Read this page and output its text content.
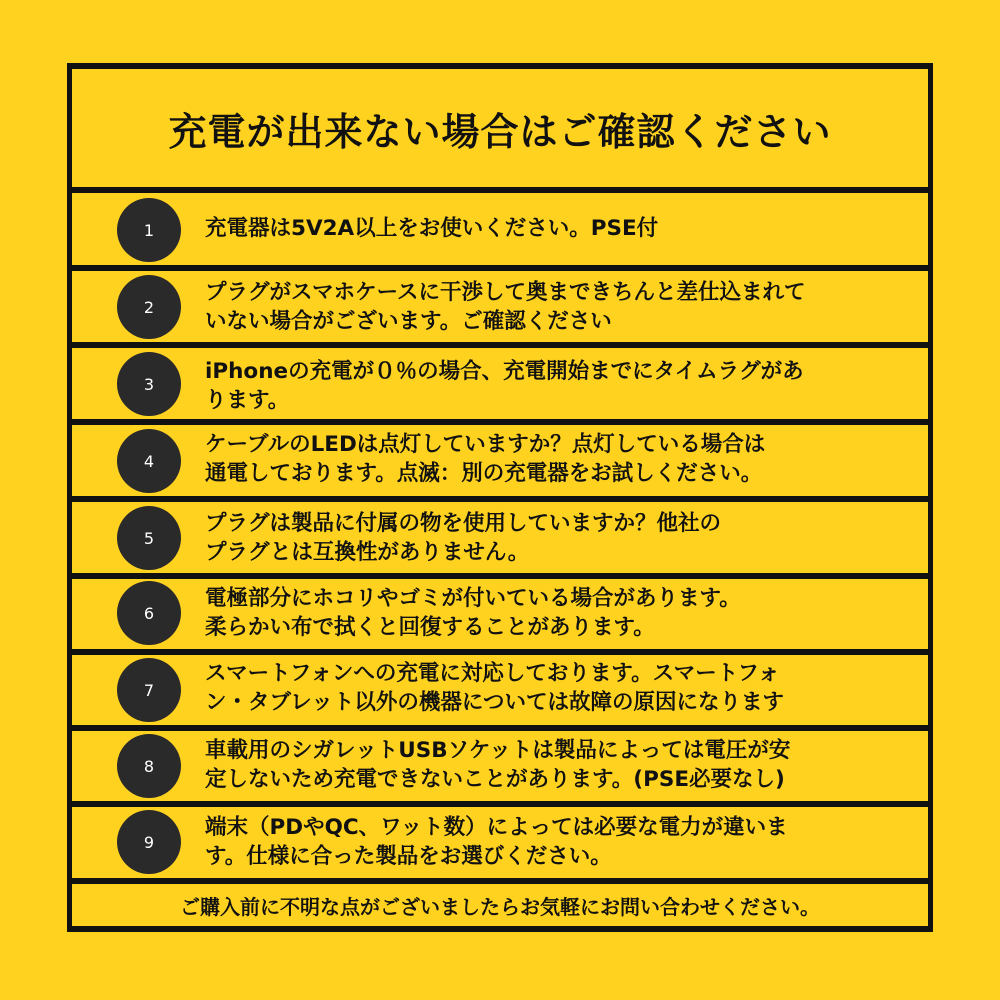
充電が出来ない場合はご確認ください
1	充電器は5V2A以上をお使いください。PSE付
2
プラグがスマホケースに干渉して奥まできちんと差仕込まれて
いない場合がございます。ご確認ください
3	iPhoneの充電が０％の場合、充電開始までにタイムラグがあ
ります。
4
ケーブルのLEDは点灯していますか？点灯している場合は
通電しております。点滅：別の充電器をお試しください。
5
プラグは製品に付属の物を使用していますか？他社の
プラグとは互換性がありません。
6
電極部分にホコリやゴミが付いている場合があります。
柔らかい布で拭くと回復することがあります。
7
スマートフォンへの充電に対応しております。スマートフォ
ン・タブレット以外の機器については故障の原因になります
8
車載用のシガレットUSBソケットは製品によっては電圧が安
定しないため充電できないことがあります。(PSE必要なし)
9
端末（PDやQC、ワット数）によっては必要な電力が違いま
す。仕様に合った製品をお選びください。
ご購入前に不明な点がございましたらお気軽にお問い合わせください。
